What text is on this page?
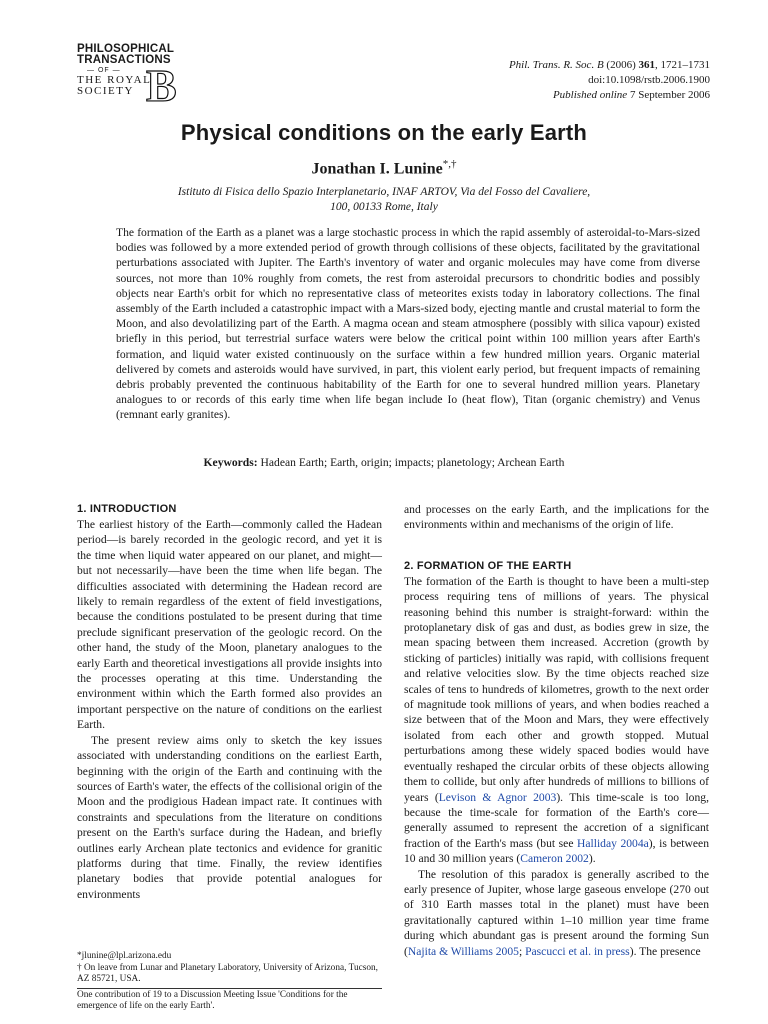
PHILOSOPHICAL
TRANSACTIONS
— OF —
THE ROYAL
SOCIETY B	Phil. Trans. R. Soc. B (2006) 361, 1721–1731
doi:10.1098/rstb.2006.1900
Published online 7 September 2006
Physical conditions on the early Earth
Jonathan I. Lunine*,†
Istituto di Fisica dello Spazio Interplanetario, INAF ARTOV, Via del Fosso del Cavaliere,
100, 00133 Rome, Italy
The formation of the Earth as a planet was a large stochastic process in which the rapid assembly of asteroidal-to-Mars-sized bodies was followed by a more extended period of growth through collisions of these objects, facilitated by the gravitational perturbations associated with Jupiter. The Earth's inventory of water and organic molecules may have come from diverse sources, not more than 10% roughly from comets, the rest from asteroidal precursors to chondritic bodies and possibly objects near Earth's orbit for which no representative class of meteorites exists today in laboratory collections. The final assembly of the Earth included a catastrophic impact with a Mars-sized body, ejecting mantle and crustal material to form the Moon, and also devolatilizing part of the Earth. A magma ocean and steam atmosphere (possibly with silica vapour) existed briefly in this period, but terrestrial surface waters were below the critical point within 100 million years after Earth's formation, and liquid water existed continuously on the surface within a few hundred million years. Organic material delivered by comets and asteroids would have survived, in part, this violent early period, but frequent impacts of remaining debris probably prevented the continuous habitability of the Earth for one to several hundred million years. Planetary analogues to or records of this early time when life began include Io (heat flow), Titan (organic chemistry) and Venus (remnant early granites).
Keywords: Hadean Earth; Earth, origin; impacts; planetology; Archean Earth

1. INTRODUCTION

The earliest history of the Earth—commonly called the Hadean period—is barely recorded in the geologic record, and yet it is the time when liquid water appeared on our planet, and might—but not necessarily—have been the time when life began. The difficulties associated with determining the Hadean record are likely to remain regardless of the extent of field investigations, because the conditions postulated to be present during that time preclude significant preservation of the geologic record. On the other hand, the study of the Moon, planetary analogues to the early Earth and theoretical investigations all provide insights into the processes operating at this time. Understanding the environment within which the Earth formed also provides an important perspective on the nature of conditions on the earliest Earth.

The present review aims only to sketch the key issues associated with understanding conditions on the earliest Earth, beginning with the origin of the Earth and continuing with the sources of Earth's water, the effects of the collisional origin of the Moon and the prodigious Hadean impact rate. It continues with constraints and speculations from the literature on conditions present on the Earth's surface during the Hadean, and briefly outlines early Archean plate tectonics and evidence for granitic platforms during that time. Finally, the review identifies planetary bodies that provide potential analogues for environments

and processes on the early Earth, and the implications for the environments within and mechanisms of the origin of life.

2. FORMATION OF THE EARTH

The formation of the Earth is thought to have been a multi-step process requiring tens of millions of years. The physical reasoning behind this number is straight-forward: within the protoplanetary disk of gas and dust, as bodies grew in size, the mean spacing between them increased. Accretion (growth by sticking of particles) initially was rapid, with collisions frequent and relative velocities slow. By the time objects reached size scales of tens to hundreds of kilometres, growth to the next order of magnitude took millions of years, and when bodies reached a size between that of the Moon and Mars, they were effectively isolated from each other and growth stopped. Mutual perturbations among these widely spaced bodies would have eventually reshaped the circular orbits of these objects allowing them to collide, but only after hundreds of millions to billions of years (Levison & Agnor 2003). This time-scale is too long, because the time-scale for formation of the Earth's core—generally assumed to represent the accretion of a significant fraction of the Earth's mass (but see Halliday 2004a), is between 10 and 30 million years (Cameron 2002).

The resolution of this paradox is generally ascribed to the early presence of Jupiter, whose large gaseous envelope (270 out of 310 Earth masses total in the planet) must have been gravitationally captured within 1–10 million year time frame during which abundant gas is present around the forming Sun (Najita & Williams 2005; Pascucci et al. in press). The presence

*jlunine@lpl.arizona.edu
† On leave from Lunar and Planetary Laboratory, University of Arizona, Tucson, AZ 85721, USA.
One contribution of 19 to a Discussion Meeting Issue 'Conditions for the emergence of life on the early Earth'.
